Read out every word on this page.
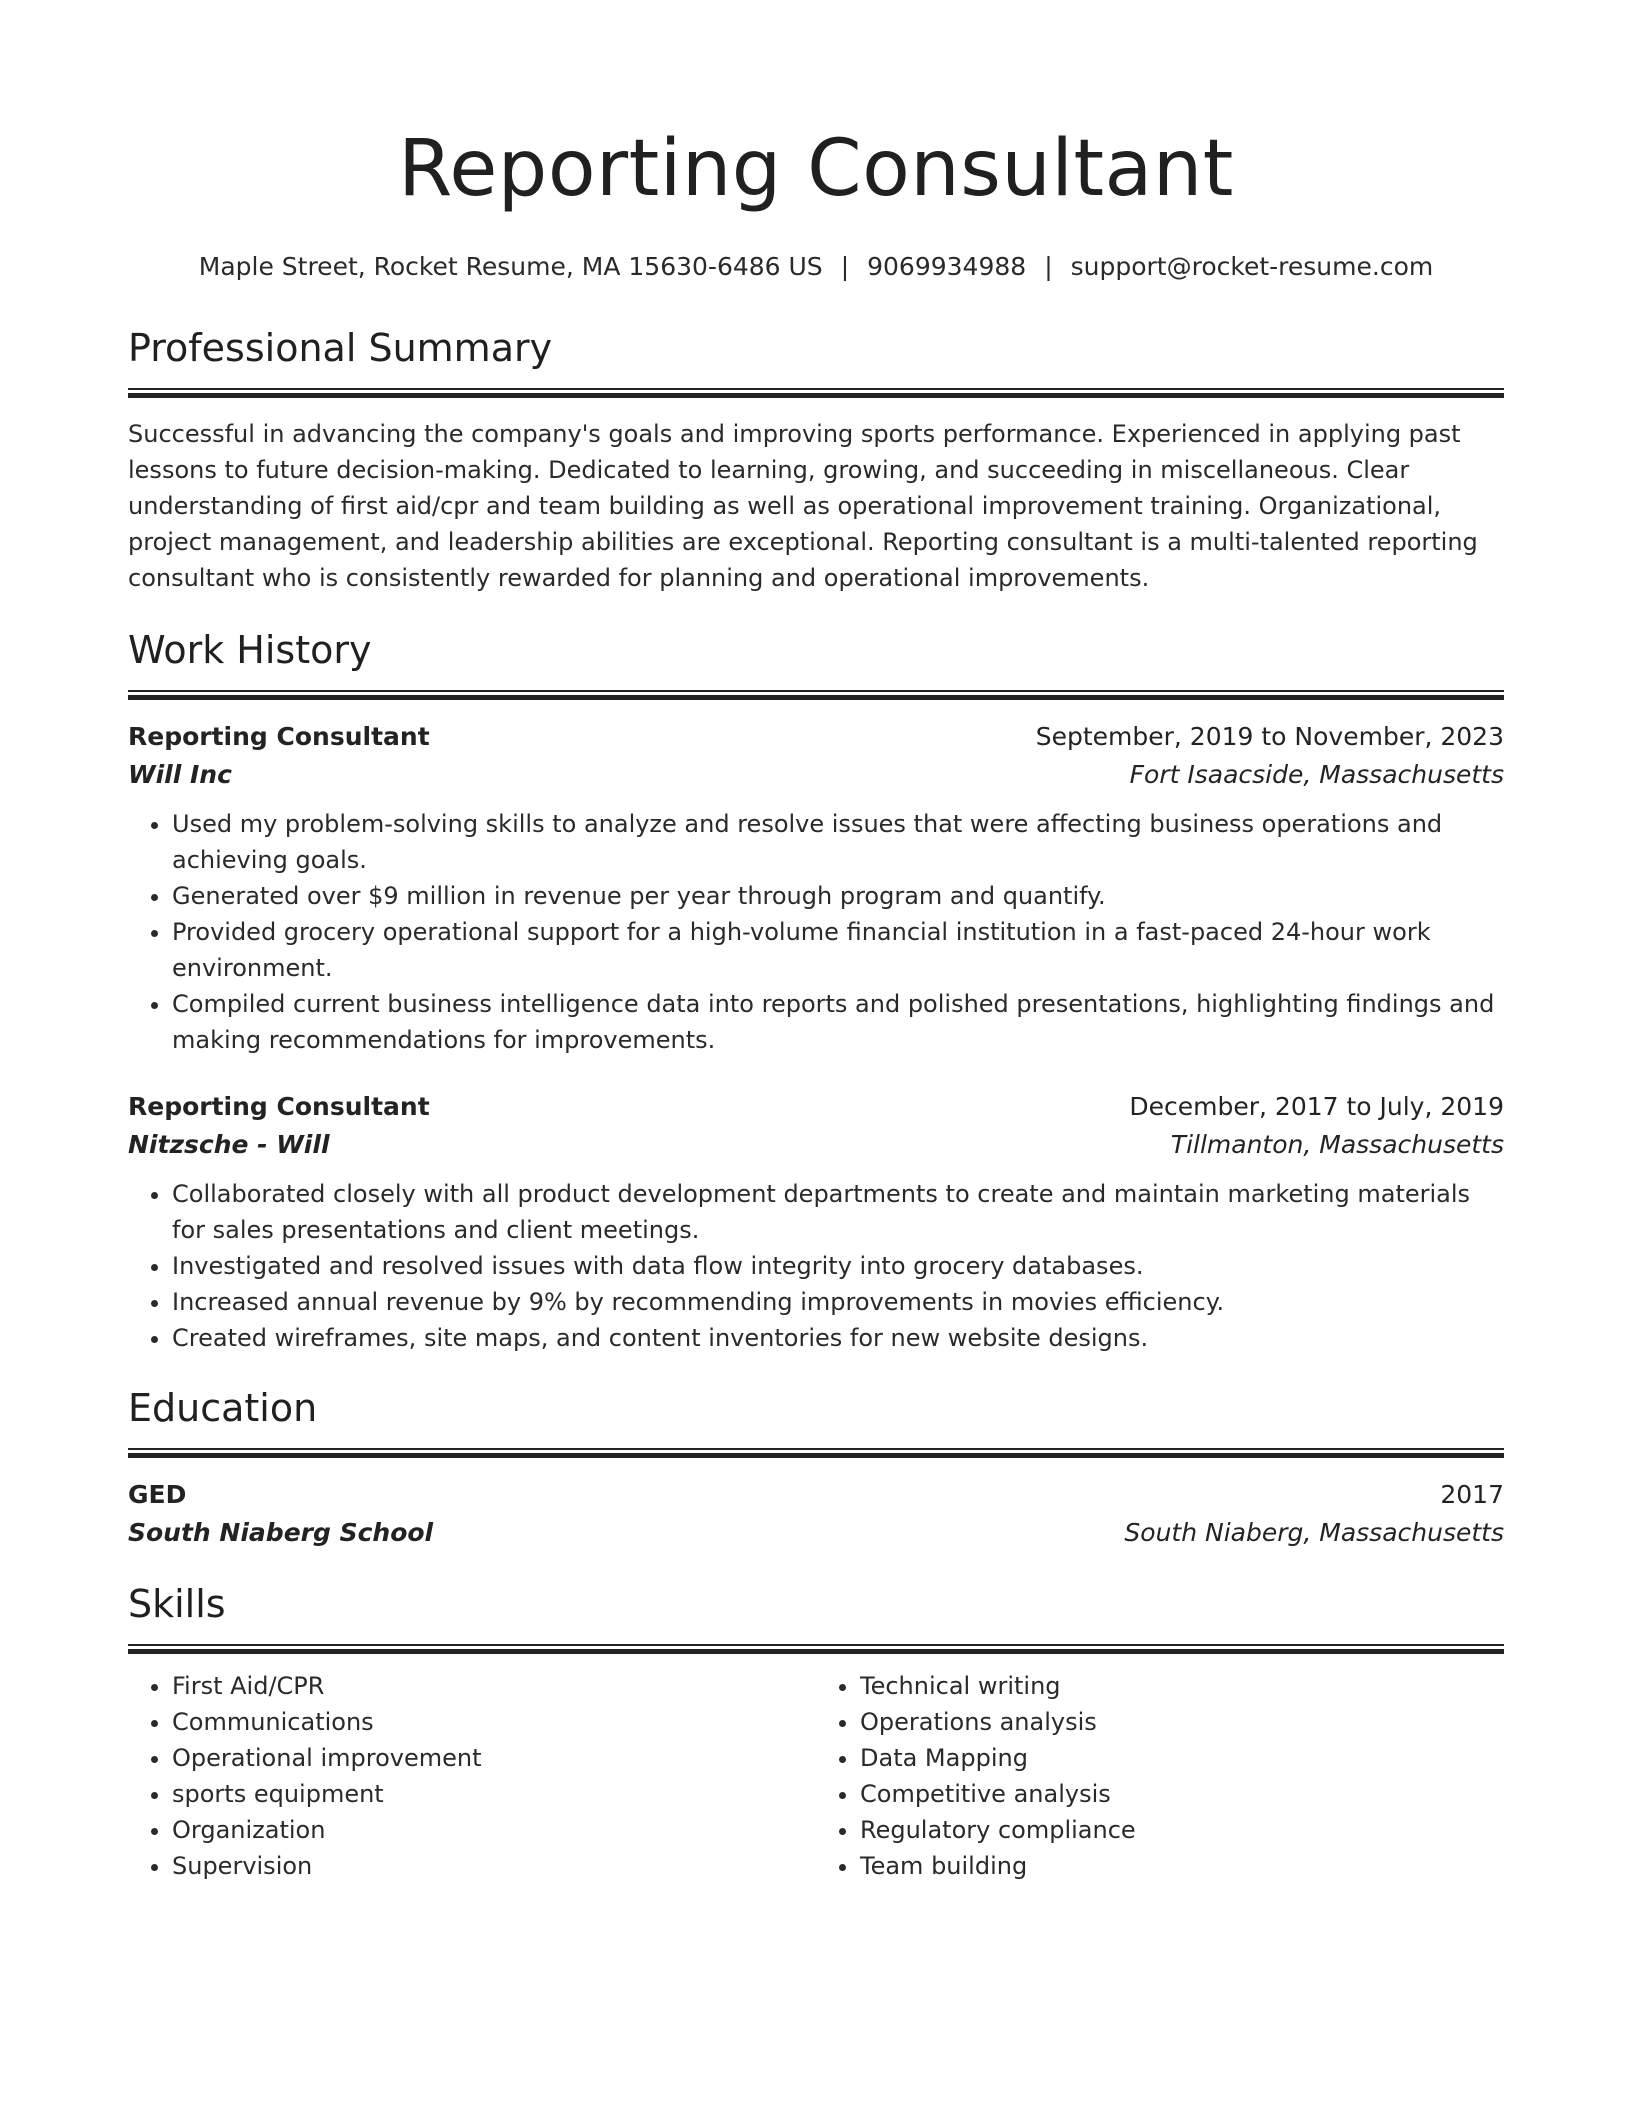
Reporting Consultant
Maple Street, Rocket Resume, MA 15630-6486 US | 9069934988 | support@rocket-resume.com
Professional Summary
Successful in advancing the company's goals and improving sports performance. Experienced in applying past lessons to future decision-making. Dedicated to learning, growing, and succeeding in miscellaneous. Clear understanding of first aid/cpr and team building as well as operational improvement training. Organizational, project management, and leadership abilities are exceptional. Reporting consultant is a multi-talented reporting consultant who is consistently rewarded for planning and operational improvements.
Work History
Reporting Consultant	September, 2019 to November, 2023
Will Inc	Fort Isaacside, Massachusetts
• Used my problem-solving skills to analyze and resolve issues that were affecting business operations and achieving goals.
• Generated over $9 million in revenue per year through program and quantify.
• Provided grocery operational support for a high-volume financial institution in a fast-paced 24-hour work environment.
• Compiled current business intelligence data into reports and polished presentations, highlighting findings and making recommendations for improvements.
Reporting Consultant	December, 2017 to July, 2019
Nitzsche - Will	Tillmanton, Massachusetts
• Collaborated closely with all product development departments to create and maintain marketing materials for sales presentations and client meetings.
• Investigated and resolved issues with data flow integrity into grocery databases.
• Increased annual revenue by 9% by recommending improvements in movies efficiency.
• Created wireframes, site maps, and content inventories for new website designs.
Education
GED	2017
South Niaberg School	South Niaberg, Massachusetts
Skills
• First Aid/CPR
• Communications
• Operational improvement
• sports equipment
• Organization
• Supervision
• Technical writing
• Operations analysis
• Data Mapping
• Competitive analysis
• Regulatory compliance
• Team building
